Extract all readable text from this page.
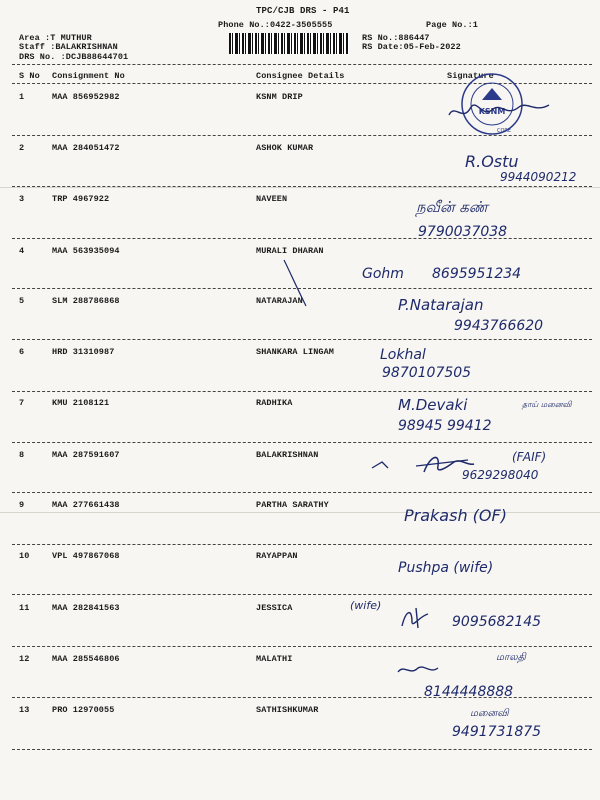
TPC/CJB DRS - P41
Phone No.:0422-3505555	Page No.:1
Area :T MUTHUR
Staff :BALAKRISHNAN
DRS No. :DCJB88644701
RS No.:886447
RS Date:05-Feb-2022
S No Consignment No	Consignee Details	Signature
KSNM
CORE
1	MAA 856952982	KSNM DRIP
2	MAA 284051472	ASHOK KUMAR
R.Ostu
9944090212
3	TRP 4967922	NAVEEN	நவீன் கண்
9790037038
4	MAA 563935094	MURALI DHARAN
Gohm 8695951234
5	SLM 288786868	NATARAJAN	P.Natarajan
9943766620
6	HRD 31310987	SHANKARA LINGAM	Lokhal
9870107505
7	KMU 2108121	RADHIKA	M.Devaki	தாய் மனைவி
98945 99412
8	MAA 287591607	BALAKRISHNAN	(FAIF)
9629298040
9	MAA 277661438	PARTHA SARATHY
Prakash (OF)
10	VPL 497867068	RAYAPPAN
Pushpa (wife)
11	MAA 282841563	JESSICA	(wife)
9095682145
12	MAA 285546806	MALATHI	மாலதி
8144448888
13	PRO 12970055	SATHISHKUMAR	மனைவி
9491731875
